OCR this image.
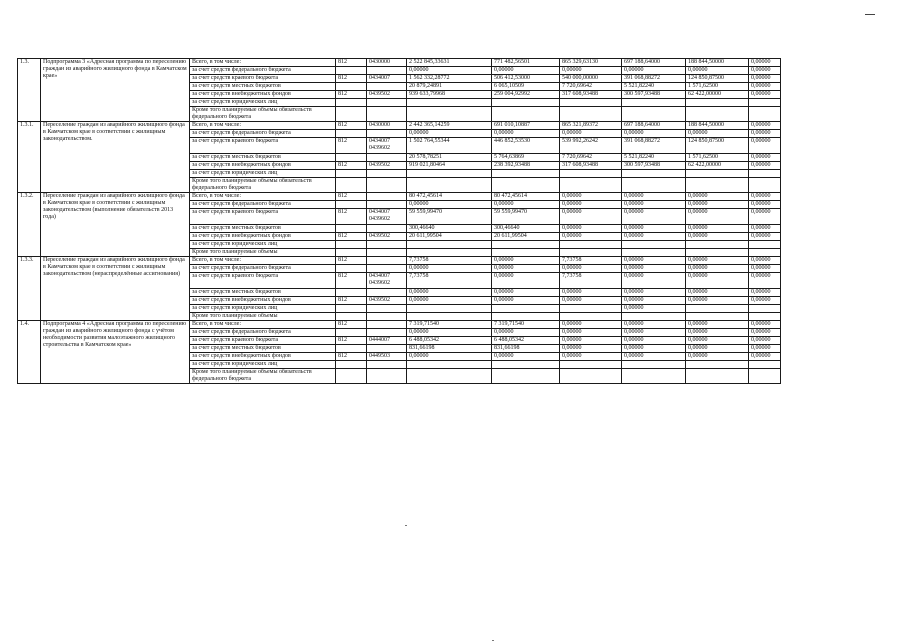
1.3.	Подпрограмма 3 «Адресная программа по переселению граждан из аварийного жилищного фонда в Камчатском крае»	Всего, в том числе:	812	0430000	2 522 845,33631	771 482,56501	865 329,63130	697 188,64000	188 844,50000	0,00000
		за счет средств федерального бюджета			0,00000	0,00000	0,00000	0,00000	0,00000	0,00000
		за счет средств краевого бюджета	812	0434007	1 562 332,28772	506 412,53000	540 000,00000	391 068,88272	124 850,87500	0,00000
		за счет средств местных бюджетов			20 879,24891	6 065,10509	7 720,69642	5 521,82240	1 571,62500	0,00000
		за счет средств внебюджетных фондов	812	0439502	939 633,79968	259 004,92992	317 608,93488	300 597,93488	62 422,00000	0,00000
		за счет средств юридических лиц								
		Кроме того планируемые объемы обязательств федерального бюджета								
1.3.1.	Переселение граждан из аварийного жилищного фонда в Камчатском крае в соответствии с жилищным законодательством.	Всего, в том числе:	812	0430000	2 442 365,14259	691 010,10887	865 321,89372	697 188,64000	188 844,50000	0,00000
		за счет средств федерального бюджета			0,00000	0,00000	0,00000	0,00000	0,00000	0,00000
		за счет средств краевого бюджета	812	0434007 0439602	1 502 764,55344	446 852,53530	539 992,26242	391 068,88272	124 850,87500	0,00000
		за счет средств местных бюджетов			20 578,78251	5 764,63869	7 720,69642	5 521,82240	1 571,62500	0,00000
		за счет средств внебюджетных фондов	812	0439502	919 021,80464	238 392,93488	317 608,93488	300 597,93488	62 422,00000	0,00000
		за счет средств юридических лиц								
		Кроме того планируемые объемы обязательств федерального бюджета								
1.3.2.	Переселение граждан из аварийного жилищного фонда в Камчатском крае в соответствии с жилищным законодательством (выполнение обязательств 2013 года)	Всего, в том числе:	812		80 472,45614	80 472,45614	0,00000	0,00000	0,00000	0,00000
		за счет средств федерального бюджета			0,00000	0,00000	0,00000	0,00000	0,00000	0,00000
		за счет средств краевого бюджета	812	0434007 0439602	59 559,99470	59 559,99470	0,00000	0,00000	0,00000	0,00000
		за счет средств местных бюджетов			300,46640	300,46640	0,00000	0,00000	0,00000	0,00000
		за счет средств внебюджетных фондов	812	0439502	20 611,99504	20 611,99504	0,00000	0,00000	0,00000	0,00000
		за счет средств юридических лиц								
		Кроме того планируемые объемы								
1.3.3.	Переселение граждан из аварийного жилищного фонда в Камчатском крае в соответствии с жилищным законодательством (нераспределённые ассигнования)	Всего, в том числе:	812		7,73758	0,00000	7,73758	0,00000	0,00000	0,00000
		за счет средств федерального бюджета			0,00000	0,00000	0,00000	0,00000	0,00000	0,00000
		за счет средств краевого бюджета	812	0434007 0439602	7,73758	0,00000	7,73758	0,00000	0,00000	0,00000
		за счет средств местных бюджетов			0,00000	0,00000	0,00000	0,00000	0,00000	0,00000
		за счет средств внебюджетных фондов	812	0439502	0,00000	0,00000	0,00000	0,00000	0,00000	0,00000
		за счет средств юридических лиц						0,00000		
		Кроме того планируемые объемы								
1.4.	Подпрограмма 4 «Адресная программа по переселению граждан из аварийного жилищного фонда с учётом необходимости развития малоэтажного жилищного строительства в Камчатском крае»	Всего, в том числе:	812		7 319,71540	7 319,71540	0,00000	0,00000	0,00000	0,00000
		за счет средств федерального бюджета			0,00000	0,00000	0,00000	0,00000	0,00000	0,00000
		за счет средств краевого бюджета	812	0444007	6 488,05342	6 488,05342	0,00000	0,00000	0,00000	0,00000
		за счет средств местных бюджетов			831,66198	831,66198	0,00000	0,00000	0,00000	0,00000
		за счет средств внебюджетных фондов	812	0449503	0,00000	0,00000	0,00000	0,00000	0,00000	0,00000
		за счет средств юридических лиц								
		Кроме того планируемые объемы обязательств федерального бюджета								
